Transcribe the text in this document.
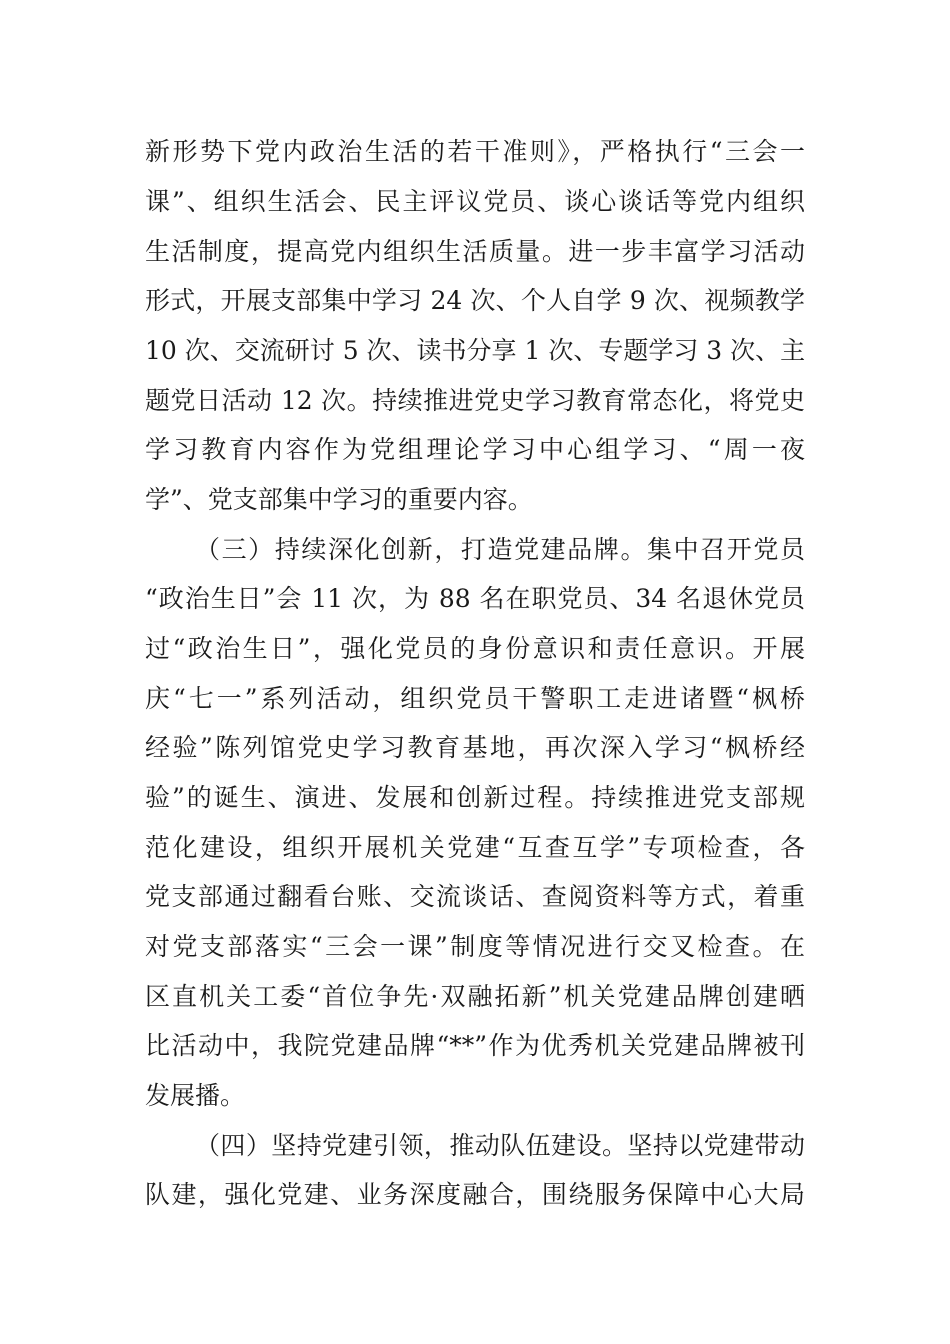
新形势下党内政治生活的若干准则》，严格执行“三会一
课”、组织生活会、民主评议党员、谈心谈话等党内组织
生活制度，提高党内组织生活质量。进一步丰富学习活动
形式，开展支部集中学习 24 次、个人自学 9 次、视频教学
10 次、交流研讨 5 次、读书分享 1 次、专题学习 3 次、主
题党日活动 12 次。持续推进党史学习教育常态化，将党史
学习教育内容作为党组理论学习中心组学习、“周一夜
学”、党支部集中学习的重要内容。
（三）持续深化创新，打造党建品牌。集中召开党员
“政治生日”会 11 次，为 88 名在职党员、34 名退休党员
过“政治生日”，强化党员的身份意识和责任意识。开展
庆“七一”系列活动，组织党员干警职工走进诸暨“枫桥
经验”陈列馆党史学习教育基地，再次深入学习“枫桥经
验”的诞生、演进、发展和创新过程。持续推进党支部规
范化建设，组织开展机关党建“互查互学”专项检查，各
党支部通过翻看台账、交流谈话、查阅资料等方式，着重
对党支部落实“三会一课”制度等情况进行交叉检查。在
区直机关工委“首位争先·双融拓新”机关党建品牌创建晒
比活动中，我院党建品牌“**”作为优秀机关党建品牌被刊
发展播。
（四）坚持党建引领，推动队伍建设。坚持以党建带动
队建，强化党建、业务深度融合，围绕服务保障中心大局
